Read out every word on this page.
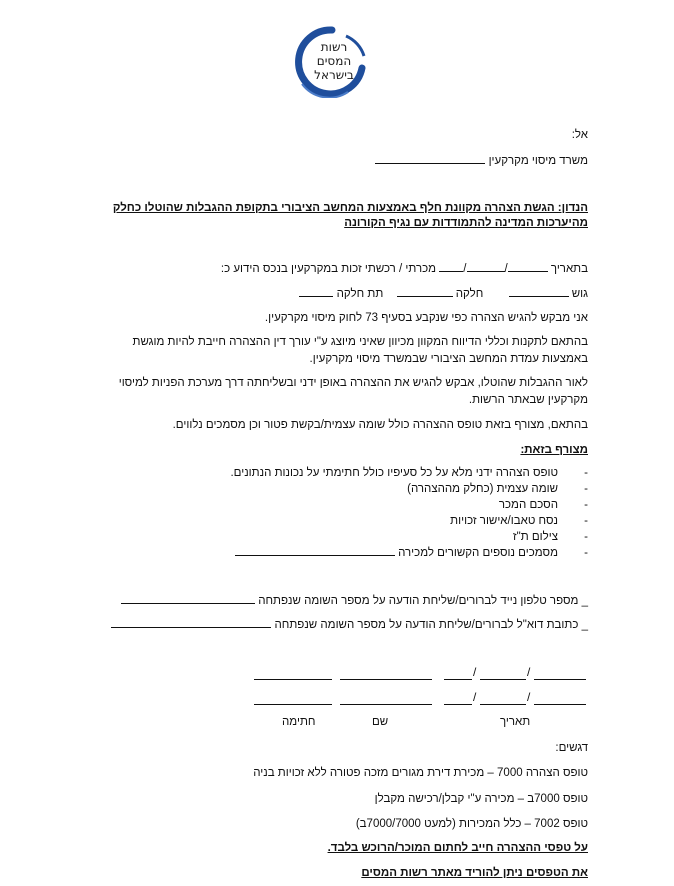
רשות
המסים
בישראל
אל:
משרד מיסוי מקרקעין
הנדון: הגשת הצהרה מקוונת חלף באמצעות המחשב הציבורי בתקופת ההגבלות שהוטלו כחלק
מהיערכות המדינה להתמודדות עם נגיף הקורונה
בתאריך // מכרתי / רכשתי זכות במקרקעין בנכס הידוע כ:
גוש  חלקה  תת חלקה
אני מבקש להגיש הצהרה כפי שנקבע בסעיף 73 לחוק מיסוי מקרקעין.
בהתאם לתקנות וכללי הדיווח המקוון מכיוון שאיני מיוצג ע"י עורך דין ההצהרה חייבת להיות מוגשת באמצעות עמדת המחשב הציבורי שבמשרד מיסוי מקרקעין.
לאור ההגבלות שהוטלו, אבקש להגיש את ההצהרה באופן ידני ובשליחתה דרך מערכת הפניות למיסוי מקרקעין שבאתר הרשות.
בהתאם, מצורף בזאת טופס ההצהרה כולל שומה עצמית/בקשת פטור וכן מסמכים נלווים.
מצורף בזאת:
-
טופס הצהרה ידני מלא על כל סעיפיו כולל חתימתי על נכונות הנתונים.
-
שומה עצמית (כחלק מההצהרה)
-
הסכם המכר
-
נסח טאבו/אישור זכויות
-
צילום ת"ז
-
מסמכים נוספים הקשורים למכירה
_ מספר טלפון נייד לברורים/שליחת הודעה על מספר השומה שנפתחה
_ כתובת דוא"ל לברורים/שליחת הודעה על מספר השומה שנפתחה
/	/
/	/
חתימה	שם	תאריך
דגשים:
טופס הצהרה 7000 – מכירת דירת מגורים מזכה פטורה ללא זכויות בניה
טופס 7000ב – מכירה ע"י קבלן/רכישה מקבלן
טופס 7002 – כלל המכירות (למעט 7000/7000ב)
על טפסי ההצהרה חייב לחתום המוכר/הרוכש בלבד.
את הטפסים ניתן להוריד מאתר רשות המסים
